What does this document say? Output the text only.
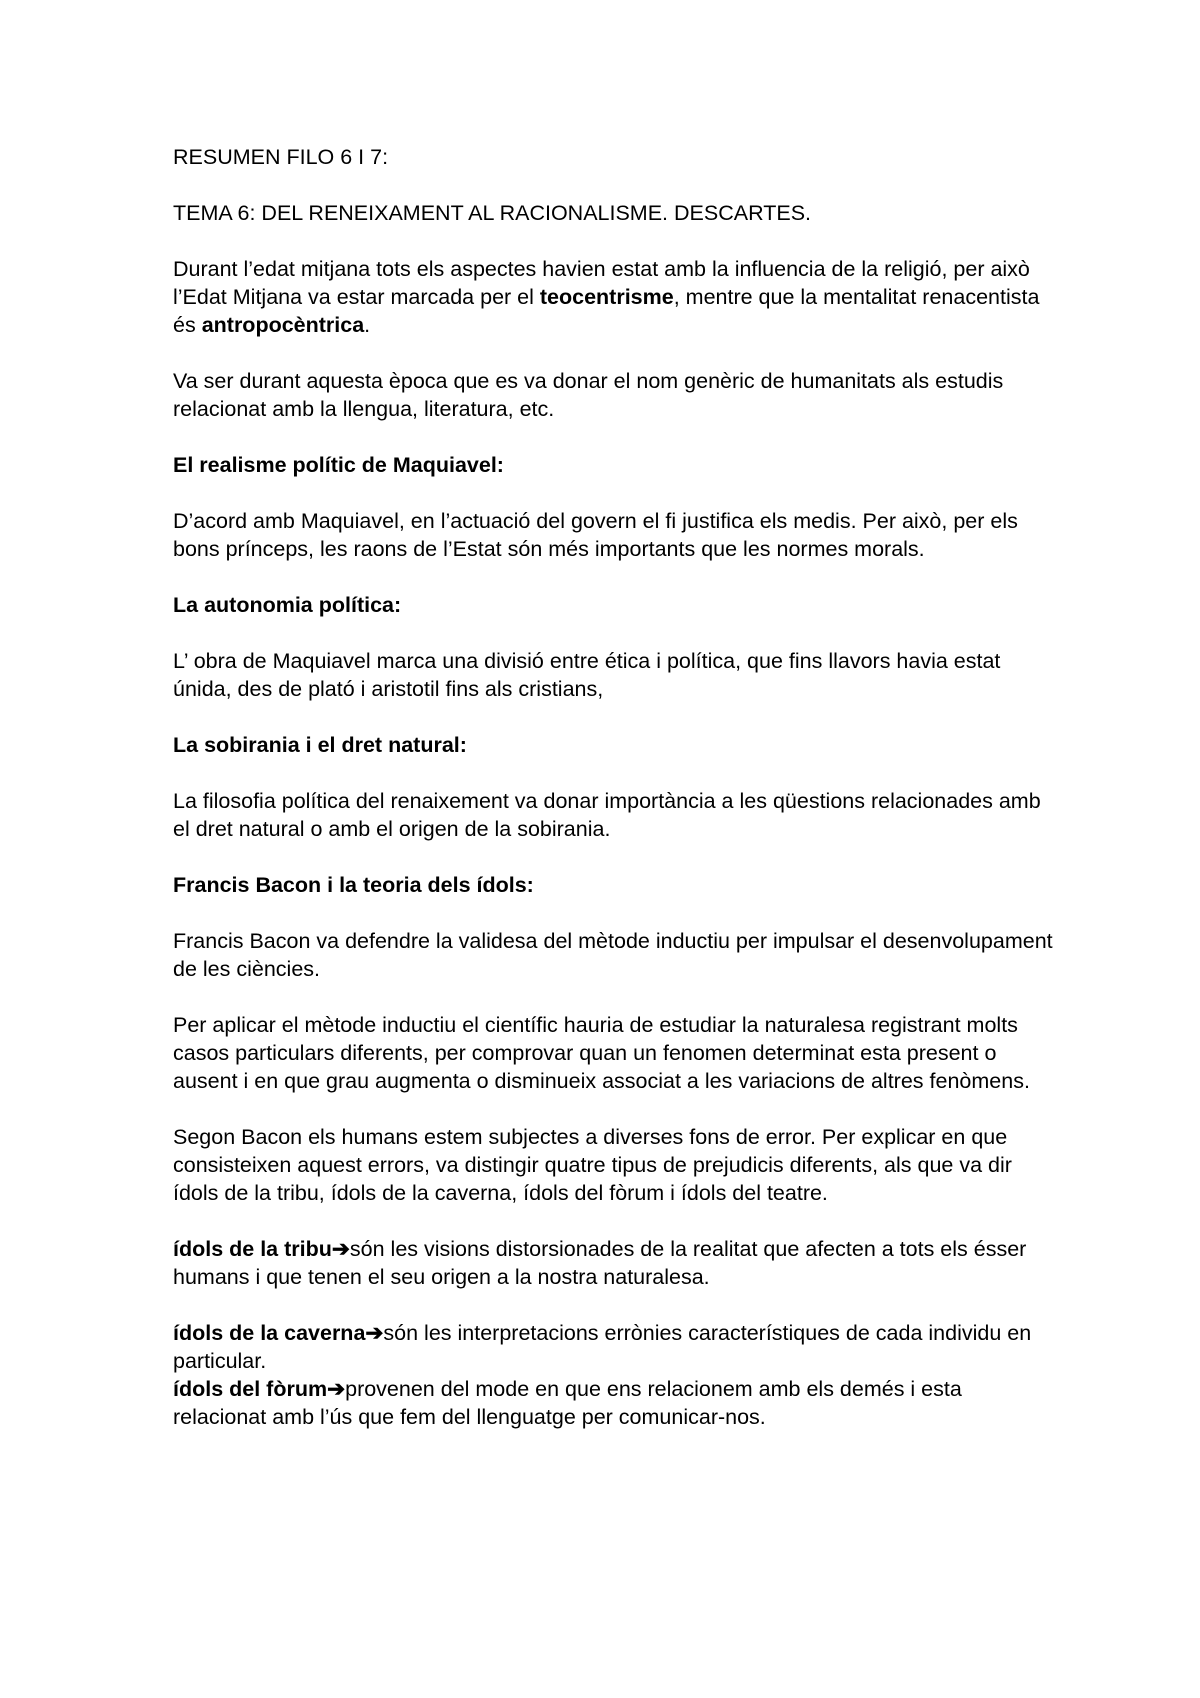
RESUMEN FILO 6 I 7:

TEMA 6: DEL RENEIXAMENT AL RACIONALISME. DESCARTES.

Durant l’edat mitjana tots els aspectes havien estat amb la influencia de la religió, per això l’Edat Mitjana va estar marcada per el teocentrisme, mentre que la mentalitat renacentista és antropocèntrica.

Va ser durant aquesta època que es va donar el nom genèric de humanitats als estudis relacionat amb la llengua, literatura, etc.

El realisme polític de Maquiavel:

D’acord amb Maquiavel, en l’actuació del govern el fi justifica els medis. Per això, per els bons prínceps, les raons de l’Estat són més importants que les normes morals.

La autonomia política:

L’ obra de Maquiavel marca una divisió entre ética i política, que fins llavors havia estat únida, des de plató i aristotil fins als cristians,

La sobirania i el dret natural:

La filosofia política del renaixement va donar importància a les qüestions relacionades amb el dret natural o amb el origen de la sobirania.

Francis Bacon i la teoria dels ídols:

Francis Bacon va defendre la validesa del mètode inductiu per impulsar el desenvolupament de les ciències.

Per aplicar el mètode inductiu el científic hauria de estudiar la naturalesa registrant molts casos particulars diferents, per comprovar quan un fenomen determinat esta present o ausent i en que grau augmenta o disminueix associat a les variacions de altres fenòmens.

Segon Bacon els humans estem subjectes a diverses fons de error. Per explicar en que consisteixen aquest errors, va distingir quatre tipus de prejudicis diferents, als que va dir ídols de la tribu, ídols de la caverna, ídols del fòrum i ídols del teatre.

ídols de la tribu➔són les visions distorsionades de la realitat que afecten a tots els ésser humans i que tenen el seu origen a la nostra naturalesa.

ídols de la caverna➔són les interpretacions errònies característiques de cada individu en particular.

ídols del fòrum➔provenen del mode en que ens relacionem amb els demés i esta relacionat amb l’ús que fem del llenguatge per comunicar-nos.
